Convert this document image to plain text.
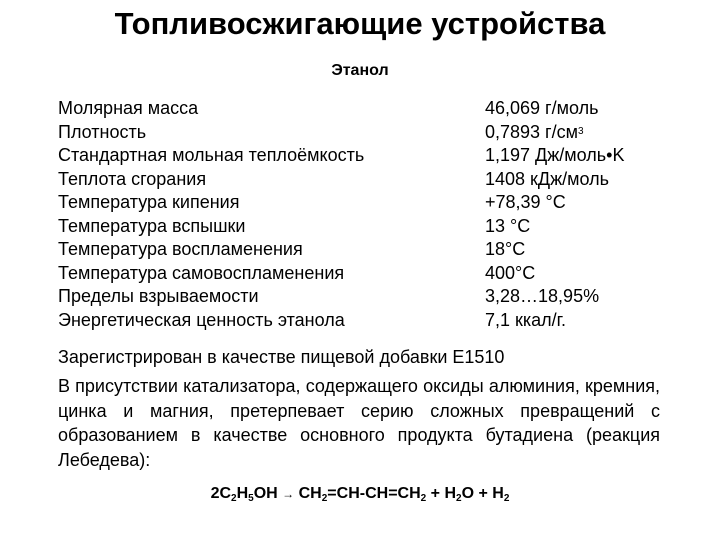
Топливосжигающие устройства
Этанол
Молярная масса	46,069 г/моль
Плотность	0,7893 $г/см^3$
Стандартная мольная теплоёмкость	1,197 Дж/моль•K
Теплота сгорания	1408 кДж/моль
Температура кипения	+78,39 °C
Температура вспышки	13 °C
Температура воспламенения	18°C
Температура самовоспламенения	400°C
Пределы взрываемости	3,28…18,95%
Энергетическая ценность этанола	7,1 ккал/г.
Зарегистрирован в качестве пищевой добавки E1510
В присутствии катализатора, содержащего оксиды алюминия, кремния, цинка и магния, претерпевает серию сложных превращений с образованием в качестве основного продукта бутадиена (реакция Лебедева):
$2C_2H_5OH \to CH_2=CH-CH=CH_2 + H_2O + H_2$
